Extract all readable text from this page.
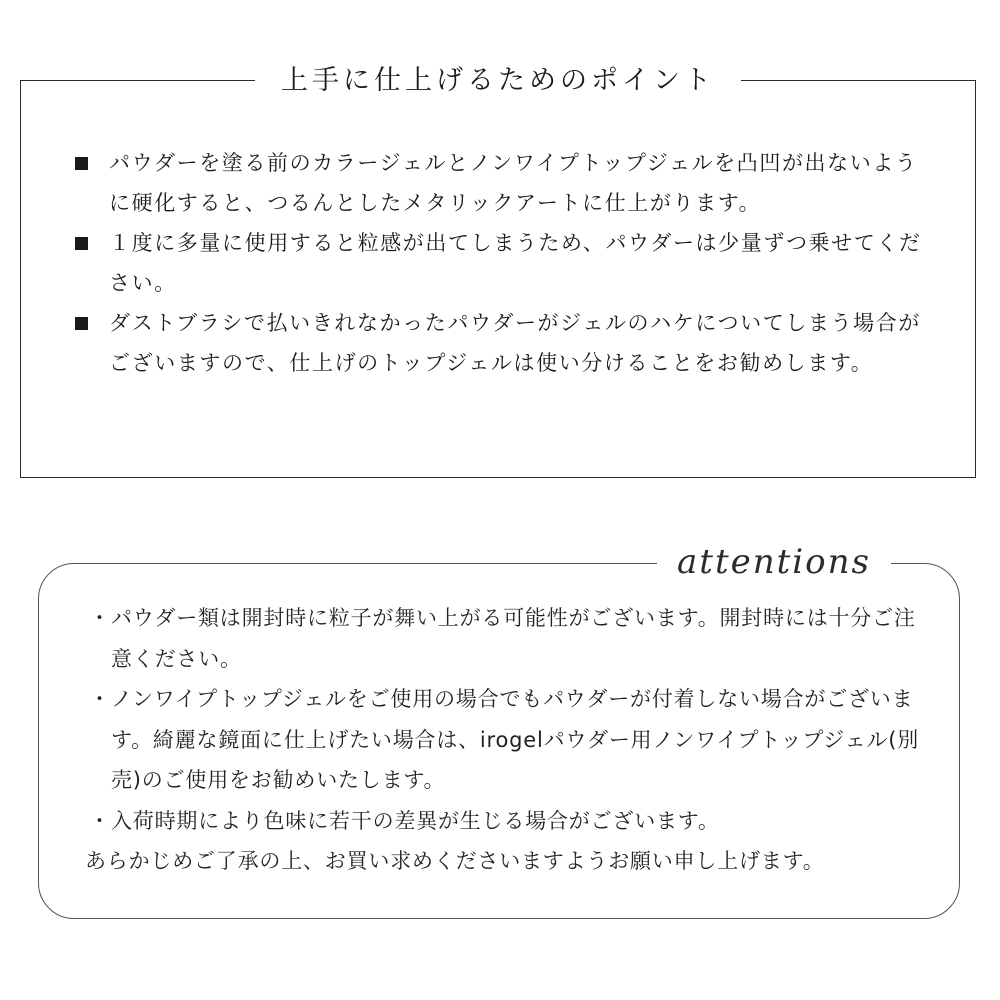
上手に仕上げるためのポイント
パウダーを塗る前のカラージェルとノンワイプトップジェルを凸凹が出ないように硬化すると、つるんとしたメタリックアートに仕上がります。
１度に多量に使用すると粒感が出てしまうため、パウダーは少量ずつ乗せてください。
ダストブラシで払いきれなかったパウダーがジェルのハケについてしまう場合がございますので、仕上げのトップジェルは使い分けることをお勧めします。
attentions
・ パウダー類は開封時に粒子が舞い上がる可能性がございます。開封時には十分ご注意ください。
・ ノンワイプトップジェルをご使用の場合でもパウダーが付着しない場合がございます。綺麗な鏡面に仕上げたい場合は、irogelパウダー用ノンワイプトップジェル(別売)のご使用をお勧めいたします。
・ 入荷時期により色味に若干の差異が生じる場合がございます。
あらかじめご了承の上、お買い求めくださいますようお願い申し上げます。
